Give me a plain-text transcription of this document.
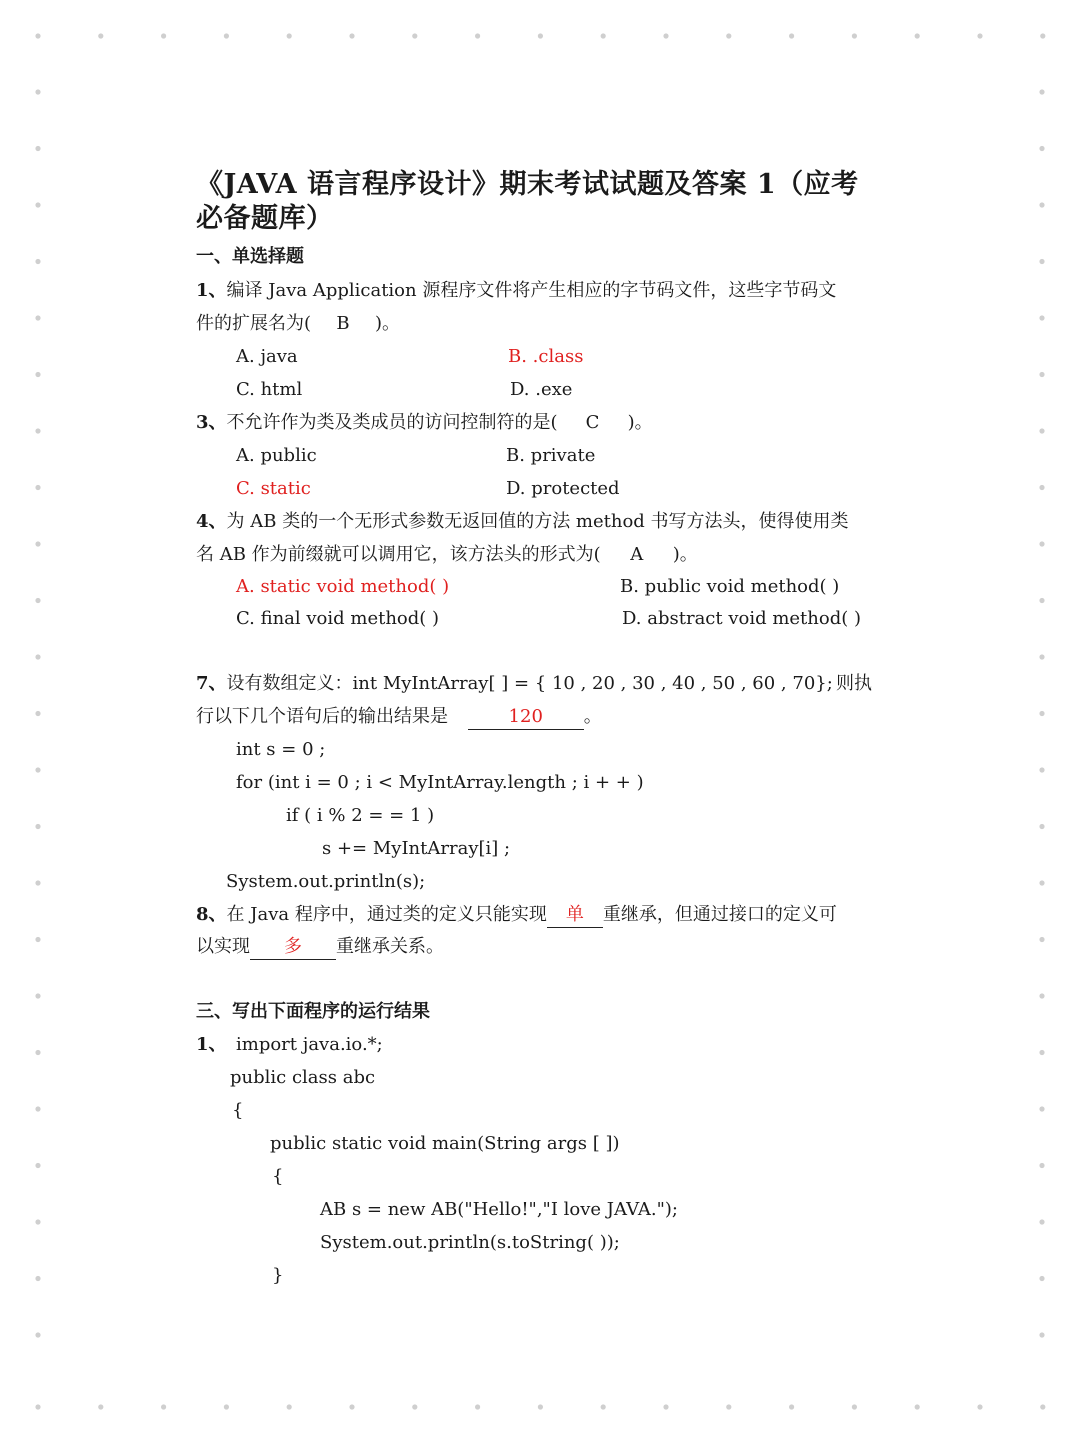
《JAVA 语言程序设计》期末考试试题及答案 1（应考
必备题库）
一、单选择题
1、编译 Java Application 源程序文件将产生相应的字节码文件，这些字节码文
件的扩展名为( B )。
A. java	B. .class
C. html	D. .exe
3、不允许作为类及类成员的访问控制符的是( C )。
A. public	B. private
C. static	D. protected
4、为 AB 类的一个无形式参数无返回值的方法 method 书写方法头，使得使用类
名 AB 作为前缀就可以调用它，该方法头的形式为( A )。
A. static void method( )	B. public void method( )
C. final void method( )	D. abstract void method( )
7、设有数组定义：int MyIntArray[ ] = { 10 , 20 , 30 , 40 , 50 , 60 , 70}; 则执
行以下几个语句后的输出结果是	120 。
int s = 0 ;
for (int i = 0 ; i < MyIntArray.length ; i + + )
if ( i % 2 = = 1 )
s += MyIntArray[i] ;
System.out.println(s);
8、在 Java 程序中，通过类的定义只能实现 单 重继承，但通过接口的定义可
以实现 多 重继承关系。
三、写出下面程序的运行结果
1、 import java.io.*;
public class abc
{
public static void main(String args [ ])
{
AB s = new AB("Hello!","I love JAVA.");
System.out.println(s.toString( ));
}
